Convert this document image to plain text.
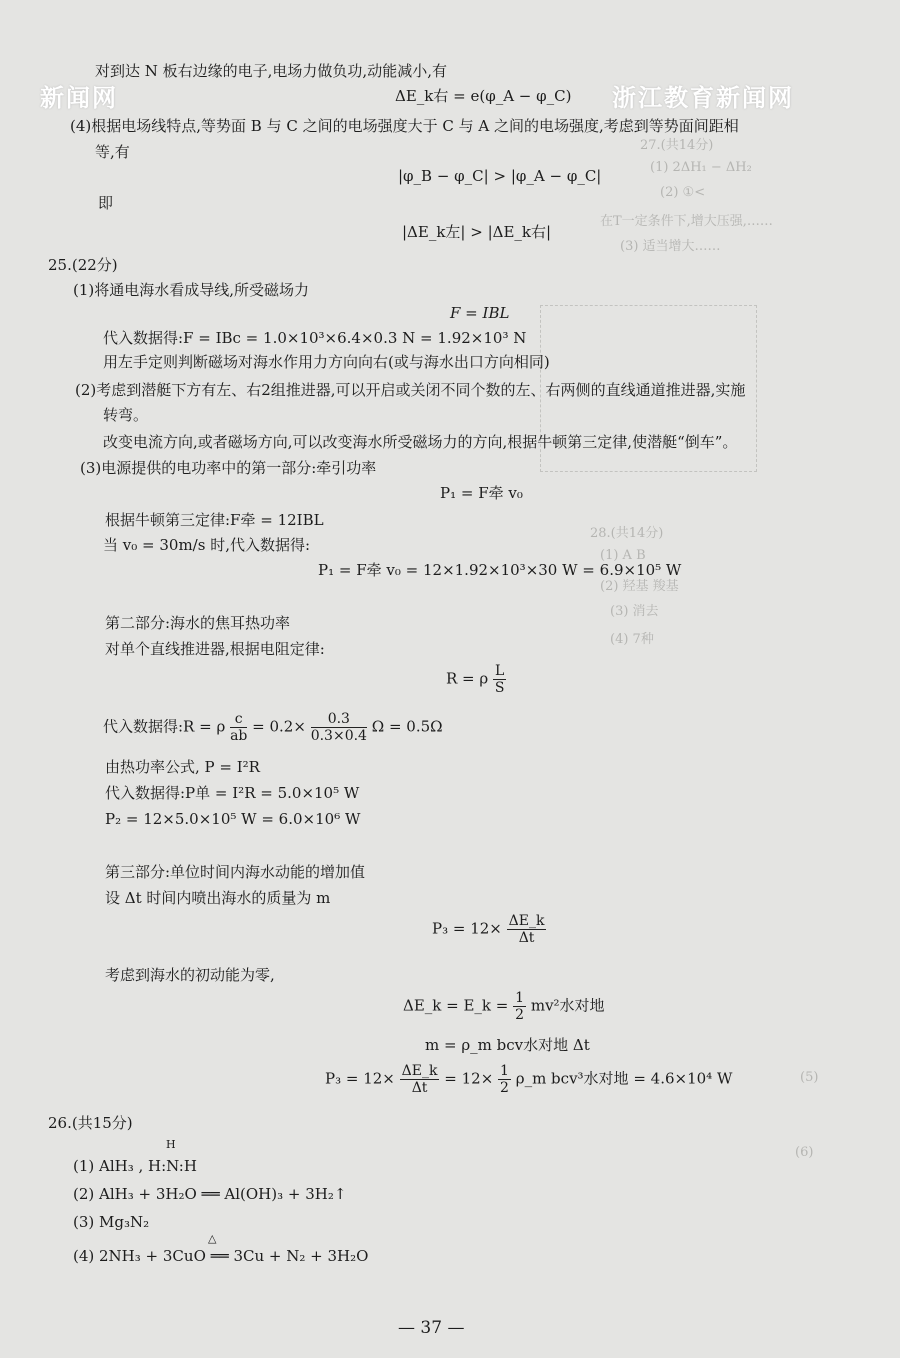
新闻网	浙江教育新闻网
27.(共14分)
(1) 2ΔH₁ − ΔH₂
(2) ①<
在T一定条件下,增大压强,……
(3) 适当增大……
28.(共14分)
(1) A B
(2) 羟基 羧基
(3) 消去
(4) 7种
(5)
(6)
对到达 N 板右边缘的电子,电场力做负功,动能减小,有
ΔE_k右 = e(φ_A − φ_C)
(4)根据电场线特点,等势面 B 与 C 之间的电场强度大于 C 与 A 之间的电场强度,考虑到等势面间距相
等,有
|φ_B − φ_C| > |φ_A − φ_C|
即
|ΔE_k左| > |ΔE_k右|
25.(22分)
(1)将通电海水看成导线,所受磁场力
F = IBL
代入数据得:F = IBc = 1.0×10³×6.4×0.3 N = 1.92×10³ N
用左手定则判断磁场对海水作用力方向向右(或与海水出口方向相同)
(2)考虑到潜艇下方有左、右2组推进器,可以开启或关闭不同个数的左、右两侧的直线通道推进器,实施
转弯。
改变电流方向,或者磁场方向,可以改变海水所受磁场力的方向,根据牛顿第三定律,使潜艇“倒车”。
(3)电源提供的电功率中的第一部分:牵引功率
P₁ = F牵 v₀
根据牛顿第三定律:F牵 = 12IBL
当 v₀ = 30m/s 时,代入数据得:
P₁ = F牵 v₀ = 12×1.92×10³×30 W = 6.9×10⁵ W
第二部分:海水的焦耳热功率
对单个直线推进器,根据电阻定律:
R = ρ $\frac{L}{S}$
代入数据得:R = ρ $\frac{c}{ab} = 0.2\times \frac{0.3}{0.3\times 0.4}$ Ω = 0.5Ω
由热功率公式, P = I²R
代入数据得:P单 = I²R = 5.0×10⁵ W
P₂ = 12×5.0×10⁵ W = 6.0×10⁶ W
第三部分:单位时间内海水动能的增加值
设 Δt 时间内喷出海水的质量为 m
$P_3 = 12\times \frac{\Delta E\_k}{\Delta t}$
考虑到海水的初动能为零,
ΔE_k = E_k = $\frac{1}{2} mv^2$水对地
m = ρ_m bcv水对地 Δt
$P_3 = 12\times \frac{\Delta E\_k}{\Delta t} = 12\times \frac{1}{2}$ ρ_m bcv³水对地 = 4.6×10⁴ W
26.(共15分)
H
(1) AlH₃ , H:N:H
(2) AlH₃ + 3H₂O ══ Al(OH)₃ + 3H₂↑
(3) Mg₃N₂
△
(4) 2NH₃ + 3CuO ══ 3Cu + N₂ + 3H₂O
— 37 —
